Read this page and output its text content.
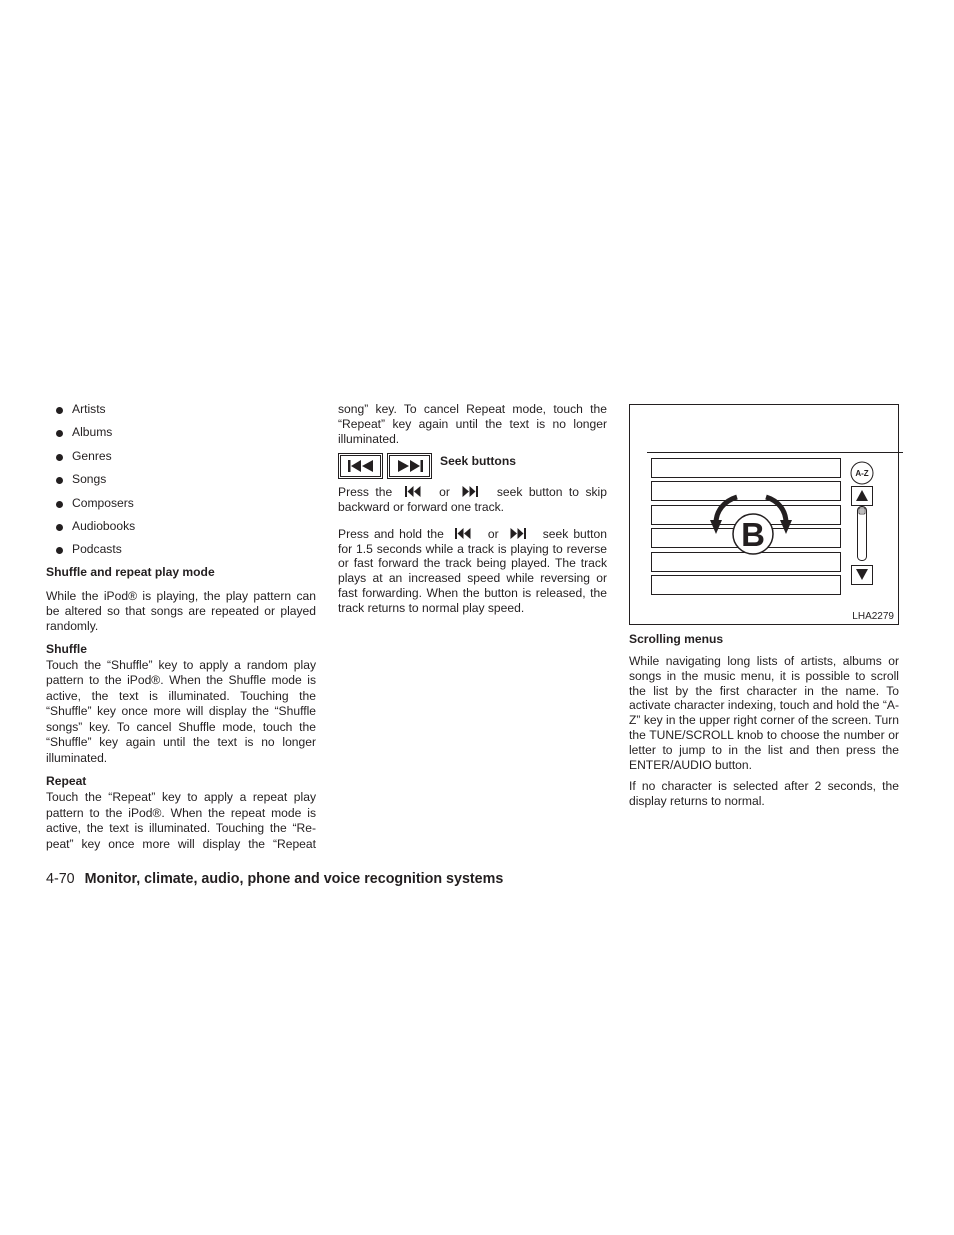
Artists
Albums
Genres
Songs
Composers
Audiobooks
Podcasts

Shuffle and repeat play mode

While the iPod® is playing, the play pattern can be altered so that songs are repeated or played randomly.

Shuffle

Touch the “Shuffle” key to apply a random play pattern to the iPod®. When the Shuffle mode is active, the text is illuminated. Touching the “Shuffle” key once more will display the “Shuffle songs” key. To cancel Shuffle mode, touch the “Shuffle” key again until the text is no longer illuminated.

Repeat

Touch the “Repeat” key to apply a repeat play pattern to the iPod®. When the repeat mode is active, the text is illuminated. Touching the “Re-peat” key once more will display the “Repeat

song” key. To cancel Repeat mode, touch the “Repeat” key again until the text is no longer illuminated.

Seek buttons

Press the	or	seek button to skip backward or forward one track.

Press and hold the	or	seek button for 1.5 seconds while a track is playing to reverse or fast forward the track being played. The track plays at an increased speed while reversing or fast forwarding. When the button is released, the track returns to normal play speed.

A-Z
B
LHA2279

Scrolling menus

While navigating long lists of artists, albums or songs in the music menu, it is possible to scroll the list by the first character in the name. To activate character indexing, touch and hold the “A-Z” key in the upper right corner of the screen. Turn the TUNE/SCROLL knob to choose the number or letter to jump to in the list and then press the ENTER/AUDIO button.

If no character is selected after 2 seconds, the display returns to normal.

4-70 Monitor, climate, audio, phone and voice recognition systems
